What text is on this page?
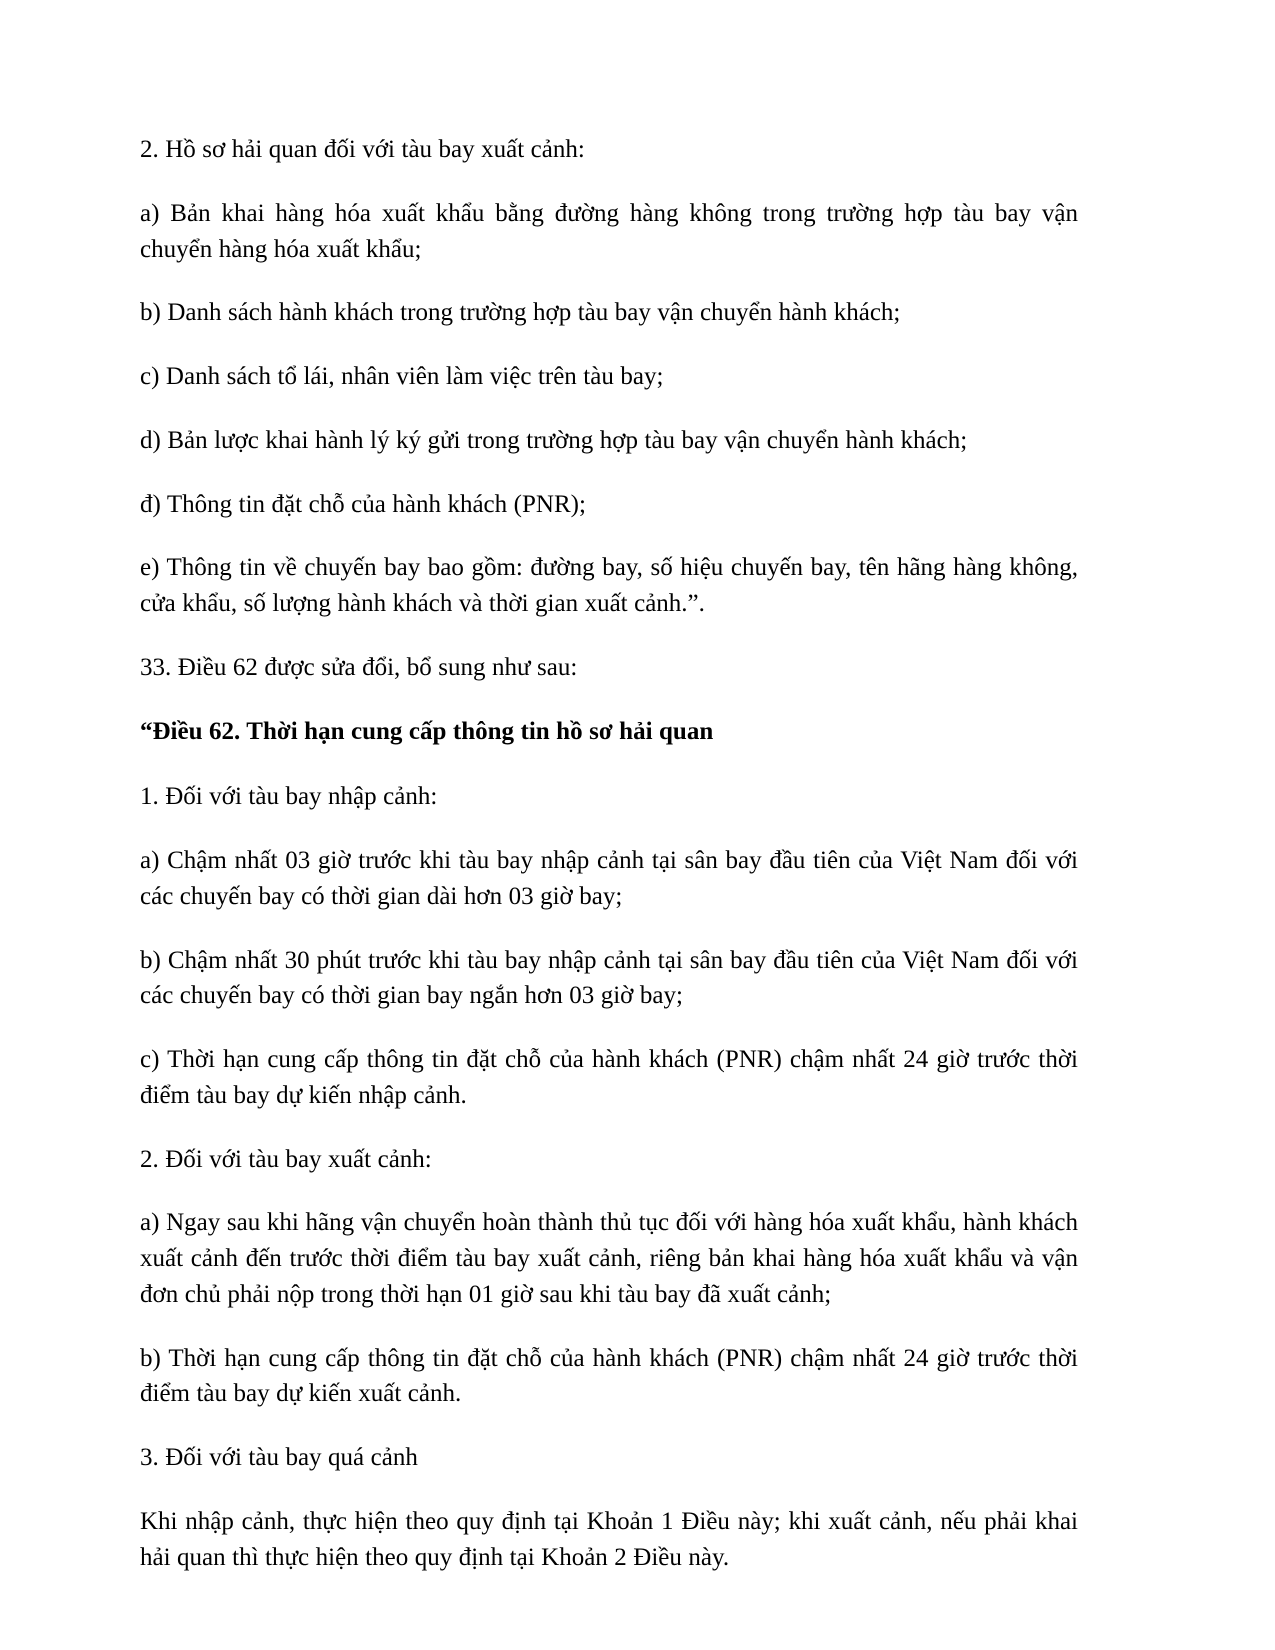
2. Hồ sơ hải quan đối với tàu bay xuất cảnh:

a) Bản khai hàng hóa xuất khẩu bằng đường hàng không trong trường hợp tàu bay vận chuyển hàng hóa xuất khẩu;

b) Danh sách hành khách trong trường hợp tàu bay vận chuyển hành khách;

c) Danh sách tổ lái, nhân viên làm việc trên tàu bay;

d) Bản lược khai hành lý ký gửi trong trường hợp tàu bay vận chuyển hành khách;

đ) Thông tin đặt chỗ của hành khách (PNR);

e) Thông tin về chuyến bay bao gồm: đường bay, số hiệu chuyến bay, tên hãng hàng không, cửa khẩu, số lượng hành khách và thời gian xuất cảnh.”.

33. Điều 62 được sửa đổi, bổ sung như sau:

“Điều 62. Thời hạn cung cấp thông tin hồ sơ hải quan

1. Đối với tàu bay nhập cảnh:

a) Chậm nhất 03 giờ trước khi tàu bay nhập cảnh tại sân bay đầu tiên của Việt Nam đối với các chuyến bay có thời gian dài hơn 03 giờ bay;

b) Chậm nhất 30 phút trước khi tàu bay nhập cảnh tại sân bay đầu tiên của Việt Nam đối với các chuyến bay có thời gian bay ngắn hơn 03 giờ bay;

c) Thời hạn cung cấp thông tin đặt chỗ của hành khách (PNR) chậm nhất 24 giờ trước thời điểm tàu bay dự kiến nhập cảnh.

2. Đối với tàu bay xuất cảnh:

a) Ngay sau khi hãng vận chuyển hoàn thành thủ tục đối với hàng hóa xuất khẩu, hành khách xuất cảnh đến trước thời điểm tàu bay xuất cảnh, riêng bản khai hàng hóa xuất khẩu và vận đơn chủ phải nộp trong thời hạn 01 giờ sau khi tàu bay đã xuất cảnh;

b) Thời hạn cung cấp thông tin đặt chỗ của hành khách (PNR) chậm nhất 24 giờ trước thời điểm tàu bay dự kiến xuất cảnh.

3. Đối với tàu bay quá cảnh

Khi nhập cảnh, thực hiện theo quy định tại Khoản 1 Điều này; khi xuất cảnh, nếu phải khai hải quan thì thực hiện theo quy định tại Khoản 2 Điều này.
